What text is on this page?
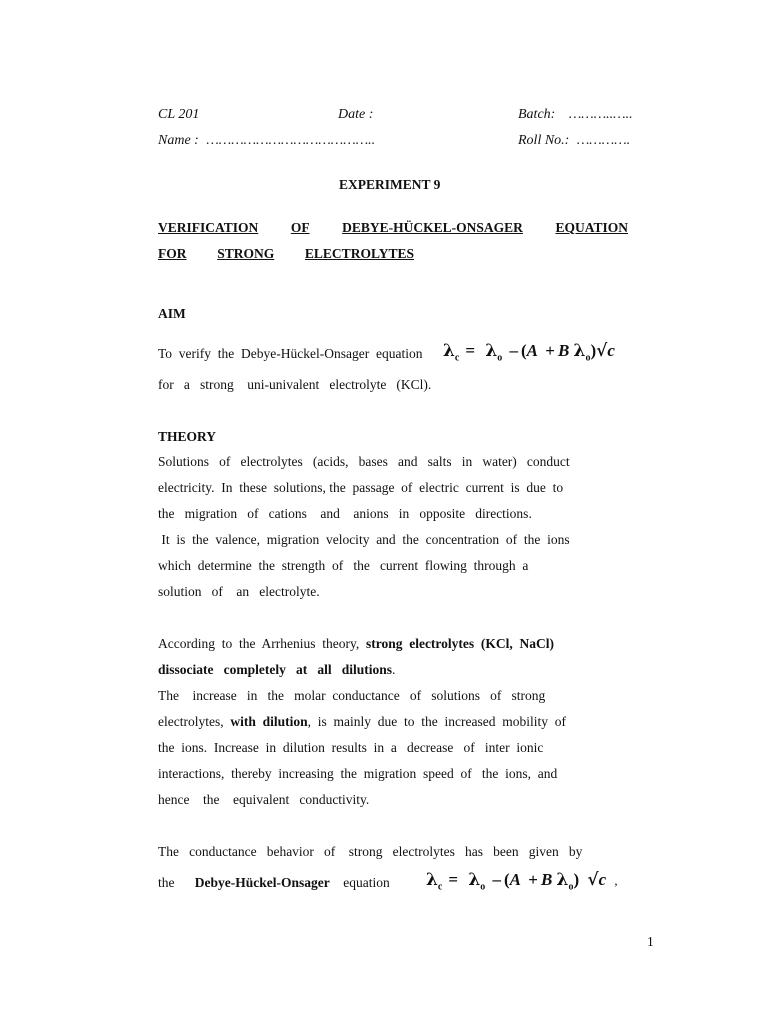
CL 201	Date :	Batch: ………..…..
Name : …………………………………..	Roll No.: ………….
EXPERIMENT 9
VERIFICATION OF DEBYE-HÜCKEL-ONSAGER EQUATION
FOR STRONG ELECTROLYTES
AIM
To  verify  the  Debye-Hückel-Onsager  equation $\lambda_c = \lambda_o - (A + B$ $\lambda_o)√c$
for   a   strong    uni-univalent   electrolyte   (KCl).
THEORY
Solutions   of   electrolytes   (acids,   bases   and   salts   in   water)   conduct
electricity.  In  these  solutions, the  passage  of  electric  current  is  due  to
the   migration   of   cations    and    anions   in   opposite   directions.
It  is  the  valence,  migration  velocity  and  the  concentration  of  the  ions
which  determine  the  strength  of   the   current  flowing  through  a
solution   of    an   electrolyte.
According  to  the  Arrhenius  theory, strong  electrolytes  (KCl,  NaCl)
dissociate   completely   at   all   dilutions.
The    increase   in   the   molar  conductance   of   solutions   of   strong
electrolytes, with  dilution,  is  mainly  due  to  the  increased  mobility  of
the  ions.  Increase  in  dilution  results  in  a   decrease   of   inter  ionic
interactions,  thereby  increasing  the  migration  speed  of   the  ions,  and
hence    the    equivalent   conductivity.
The   conductance   behavior   of    strong   electrolytes   has   been   given   by
the Debye-Hückel-Onsager equation $\lambda_c = \lambda_o - (A + B$ $\lambda_o$) √c ,
1
